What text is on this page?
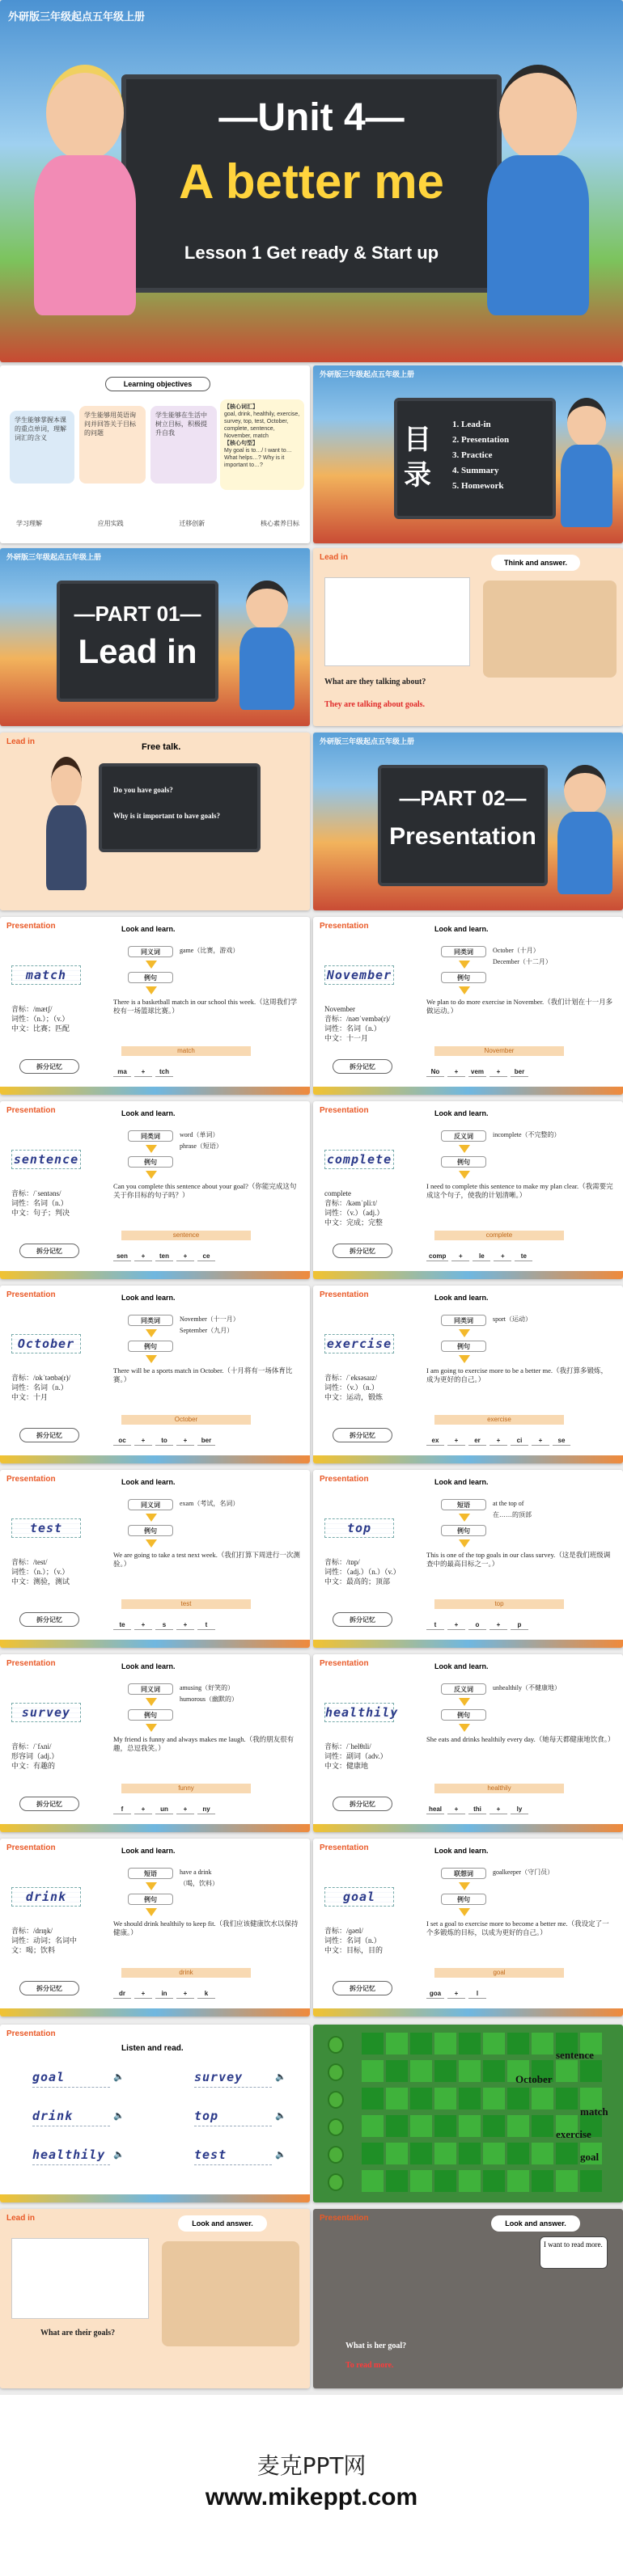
外研版三年级起点五年级上册
—Unit 4—
A better me
Lesson 1 Get ready & Start up
Learning objectives
学生能够掌握本课的重点单词，理解词汇的含义
学生能够用英语询问并回答关于目标的问题
学生能够在生活中树立目标，积极提升自我
【核心词汇】
goal, drink, healthily, exercise, survey, top, test, October, complete, sentence, November, match
【核心句型】
My goal is to…/ I want to… What helps…? Why is it important to…?
学习理解	应用实践	迁移创新	核心素养目标
外研版三年级起点五年级上册
目录
1. Lead-in
2. Presentation
3. Practice
4. Summary
5. Homework
外研版三年级起点五年级上册
—PART 01—
Lead in
Lead in
Think and answer.
What are they talking about?
They are talking about goals.
Lead in
Free talk.
Do you have goals?
Why is it important to have goals?
外研版三年级起点五年级上册
—PART 02—
Presentation
Presentation	Look and learn.
match
音标：/mætʃ/
词性：（n.）；（v.）
中文：比赛；匹配
同义词	game（比赛，游戏）
例句
There is a basketball match in our school this week.（这周我们学校有一场篮球比赛。）
拆分记忆
match
ma	+	tch
Presentation	Look and learn.
November
November
音标：/nəʊˈvembə(r)/
词性：名词（n.）
中文：十一月
同类词	October（十月）
December（十二月）
例句
We plan to do more exercise in November.（我们计划在十一月多做运动。）
拆分记忆
November
No	+	vem	+	ber
Presentation	Look and learn.
sentence
音标：/ˈsentəns/
词性：名词（n.）
中文：句子；判决
同类词	word（单词）
phrase（短语）
例句
Can you complete this sentence about your goal?（你能完成这句关于你目标的句子吗？）
拆分记忆
sentence
sen	+	ten	+	ce
Presentation	Look and learn.
complete
complete
音标：/kəmˈpliːt/
词性：（v.）（adj.）
中文：完成；完整
反义词	incomplete（不完整的）
例句
I need to complete this sentence to make my plan clear.（我需要完成这个句子，使我的计划清晰。）
拆分记忆
complete
comp	+	le	+	te
Presentation	Look and learn.
October
音标：/ɒkˈtəʊbə(r)/
词性：名词（n.）
中文：十月
同类词	November（十一月）
September（九月）
例句
There will be a sports match in October.（十月将有一场体育比赛。）
拆分记忆
October
oc	+	to	+	ber
Presentation	Look and learn.
exercise
音标：/ˈeksəsaɪz/
词性：（v.）（n.）
中文：运动，锻炼
同类词	sport（运动）
例句
I am going to exercise more to be a better me.（我打算多锻炼，成为更好的自己。）
拆分记忆
exercise
ex	+	er	+	ci	+	se
Presentation	Look and learn.
test
音标：/test/
词性：（n.）；（v.）
中文：测验，测试
同义词	exam（考试，名词）
例句
We are going to take a test next week.（我们打算下周进行一次测验。）
拆分记忆
test
te	+	s	+	t
Presentation	Look and learn.
top
音标：/tɒp/
词性：（adj.）（n.）（v.）
中文：最高的；顶部
短语	at the top of
在……的顶部
例句
This is one of the top goals in our class survey.（这是我们班级调查中的最高目标之一。）
拆分记忆
top
t	+	o	+	p
Presentation	Look and learn.
survey
音标：/ˈfʌni/
形容词（adj.）
中文：有趣的
同义词	amusing（好笑的）
humorous（幽默的）
例句
My friend is funny and always makes me laugh.（我的朋友很有趣，总逗我笑。）
拆分记忆
funny
f	+	un	+	ny
Presentation	Look and learn.
healthily
音标：/ˈhelθɪli/
词性：副词（adv.）
中文：健康地
反义词	unhealthily（不健康地）
例句
She eats and drinks healthily every day.（她每天都健康地饮食。）
拆分记忆
healthily
heal	+	thi	+	ly
Presentation	Look and learn.
drink
音标：/drɪŋk/
词性：动词；名词中
文：喝；饮料
短语	have a drink
（喝，饮料）
例句
We should drink healthily to keep fit.（我们应该健康饮水以保持健康。）
拆分记忆
drink
dr	+	in	+	k
Presentation	Look and learn.
goal
音标：/ɡəʊl/
词性：名词（n.）
中文：目标，目的
联想词	goalkeeper（守门员）
例句
I set a goal to exercise more to become a better me.（我设定了一个多锻炼的目标，以成为更好的自己。）
拆分记忆
goal
goa	+	l
Presentation
Listen and read.
goal	🔈	survey	🔈
drink	🔈	top	🔈
healthily 🔈	test	🔈
sentence
October
match
exercise
goal
Lead in
Look and answer.
What are their goals?
Presentation
Look and answer.
I want to read more.
What is her goal?
To read more.
麦克PPT网
www.mikeppt.com
